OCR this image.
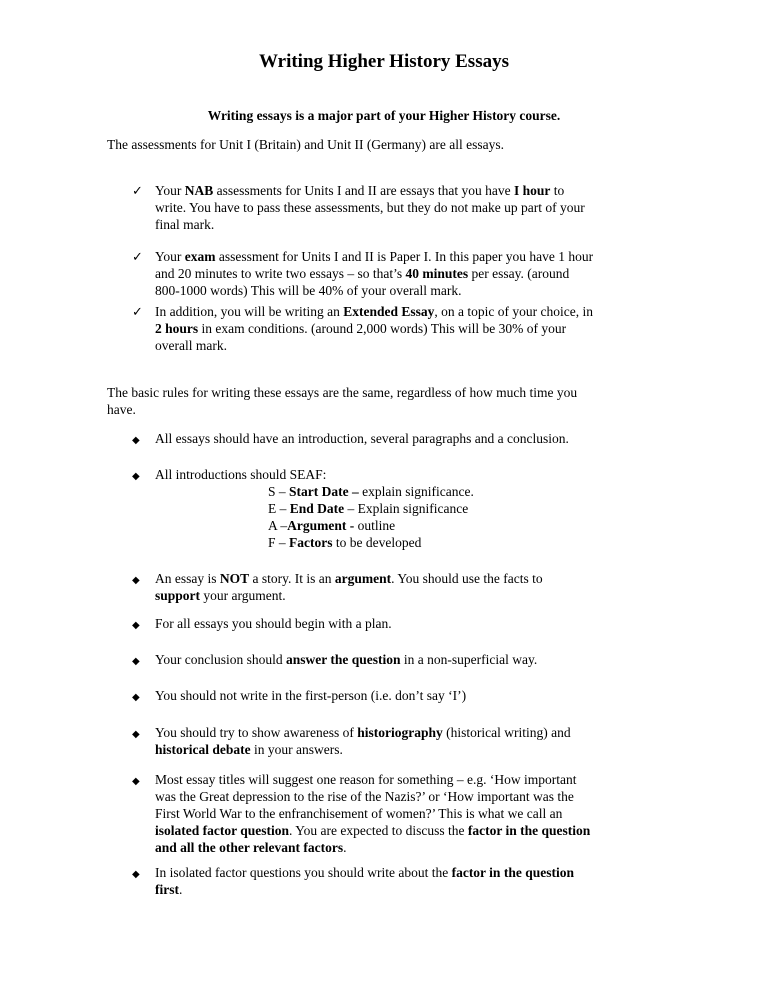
Writing Higher History Essays
Writing essays is a major part of your Higher History course.
The assessments for Unit I (Britain) and Unit II (Germany) are all essays.
✓ Your NAB assessments for Units I and II are essays that you have I hour to
write. You have to pass these assessments, but they do not make up part of your
final mark.
✓ Your exam assessment for Units I and II is Paper I. In this paper you have 1 hour
and 20 minutes to write two essays – so that’s 40 minutes per essay. (around
800-1000 words) This will be 40% of your overall mark.
✓ In addition, you will be writing an Extended Essay, on a topic of your choice, in
2 hours in exam conditions. (around 2,000 words) This will be 30% of your
overall mark.
The basic rules for writing these essays are the same, regardless of how much time you
have.
◆ All essays should have an introduction, several paragraphs and a conclusion.
◆ All introductions should SEAF:
S – Start Date – explain significance.
E – End Date – Explain significance
A –Argument - outline
F – Factors to be developed
◆ An essay is NOT a story. It is an argument. You should use the facts to
support your argument.
◆ For all essays you should begin with a plan.
◆ Your conclusion should answer the question in a non-superficial way.
◆ You should not write in the first-person (i.e. don’t say ‘I’)
◆ You should try to show awareness of historiography (historical writing) and
historical debate in your answers.
◆ Most essay titles will suggest one reason for something – e.g. ‘How important
was the Great depression to the rise of the Nazis?’ or ‘How important was the
First World War to the enfranchisement of women?’ This is what we call an
isolated factor question. You are expected to discuss the factor in the question
and all the other relevant factors.
◆ In isolated factor questions you should write about the factor in the question
first.
